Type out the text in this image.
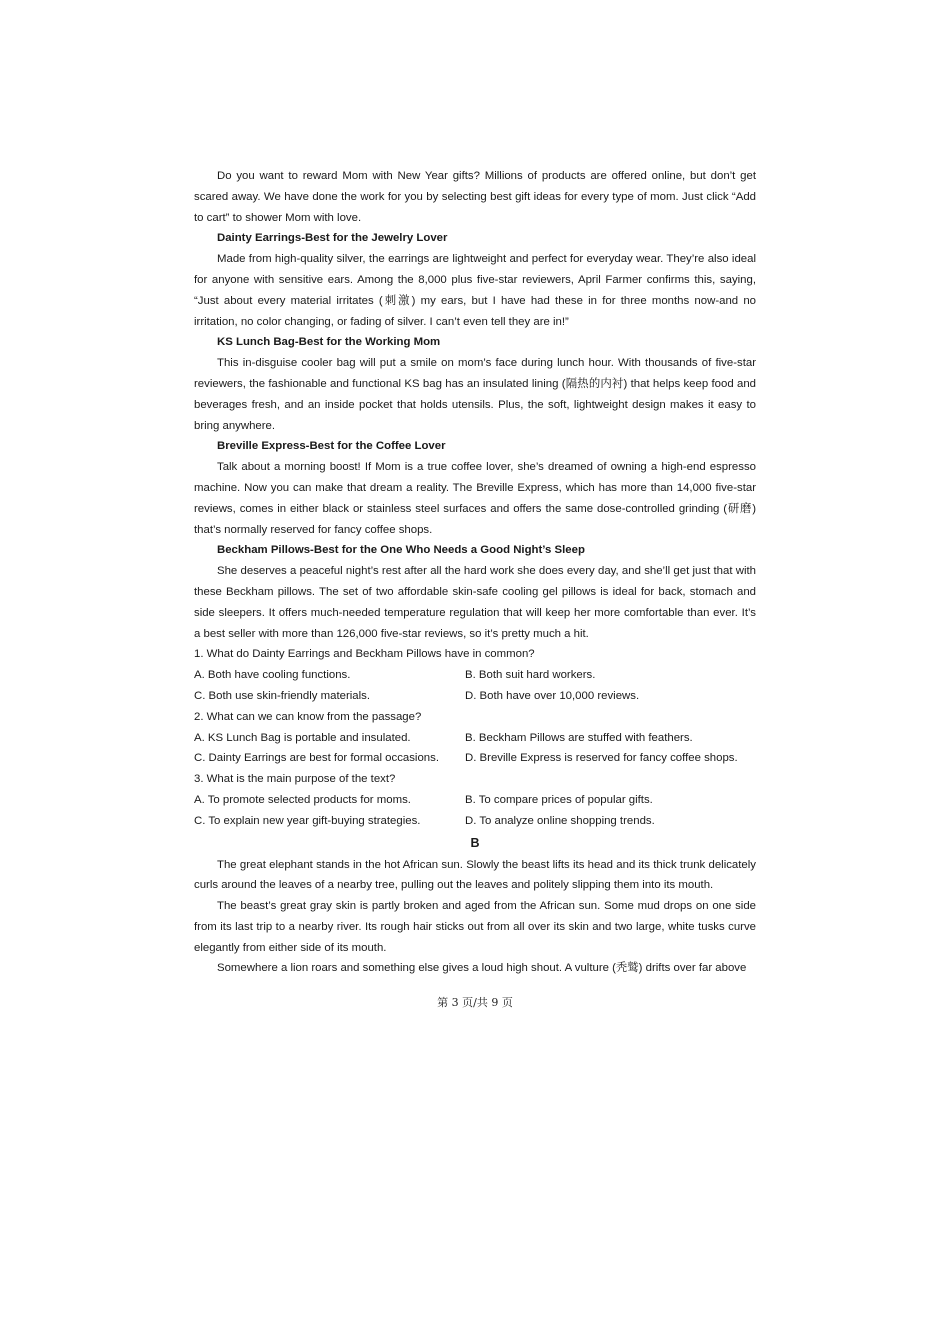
Do you want to reward Mom with New Year gifts? Millions of products are offered online, but don’t get scared away. We have done the work for you by selecting best gift ideas for every type of mom. Just click “Add to cart” to shower Mom with love.

Dainty Earrings-Best for the Jewelry Lover

Made from high-quality silver, the earrings are lightweight and perfect for everyday wear. They’re also ideal for anyone with sensitive ears. Among the 8,000 plus five-star reviewers, April Farmer confirms this, saying, “Just about every material irritates (刺激) my ears, but I have had these in for three months now-and no irritation, no color changing, or fading of silver. I can’t even tell they are in!”

KS Lunch Bag-Best for the Working Mom

This in-disguise cooler bag will put a smile on mom’s face during lunch hour. With thousands of five-star reviewers, the fashionable and functional KS bag has an insulated lining (隔热的内衬) that helps keep food and beverages fresh, and an inside pocket that holds utensils. Plus, the soft, lightweight design makes it easy to bring anywhere.

Breville Express-Best for the Coffee Lover

Talk about a morning boost! If Mom is a true coffee lover, she’s dreamed of owning a high-end espresso machine. Now you can make that dream a reality. The Breville Express, which has more than 14,000 five-star reviews, comes in either black or stainless steel surfaces and offers the same dose-controlled grinding (研磨) that’s normally reserved for fancy coffee shops.

Beckham Pillows-Best for the One Who Needs a Good Night’s Sleep

She deserves a peaceful night’s rest after all the hard work she does every day, and she’ll get just that with these Beckham pillows. The set of two affordable skin-safe cooling gel pillows is ideal for back, stomach and side sleepers. It offers much-needed temperature regulation that will keep her more comfortable than ever. It’s a best seller with more than 126,000 five-star reviews, so it’s pretty much a hit.

1. What do Dainty Earrings and Beckham Pillows have in common?

A. Both have cooling functions.	B. Both suit hard workers.

C. Both use skin-friendly materials.	D. Both have over 10,000 reviews.

2. What can we can know from the passage?

A. KS Lunch Bag is portable and insulated.	B. Beckham Pillows are stuffed with feathers.

C. Dainty Earrings are best for formal occasions.	D. Breville Express is reserved for fancy coffee shops.

3. What is the main purpose of the text?

A. To promote selected products for moms.	B. To compare prices of popular gifts.

C. To explain new year gift-buying strategies.	D. To analyze online shopping trends.

B

The great elephant stands in the hot African sun. Slowly the beast lifts its head and its thick trunk delicately curls around the leaves of a nearby tree, pulling out the leaves and politely slipping them into its mouth.

The beast’s great gray skin is partly broken and aged from the African sun. Some mud drops on one side from its last trip to a nearby river. Its rough hair sticks out from all over its skin and two large, white tusks curve elegantly from either side of its mouth.

Somewhere a lion roars and something else gives a loud high shout. A vulture (秃鹫) drifts over far above

第 3 页/共 9 页
